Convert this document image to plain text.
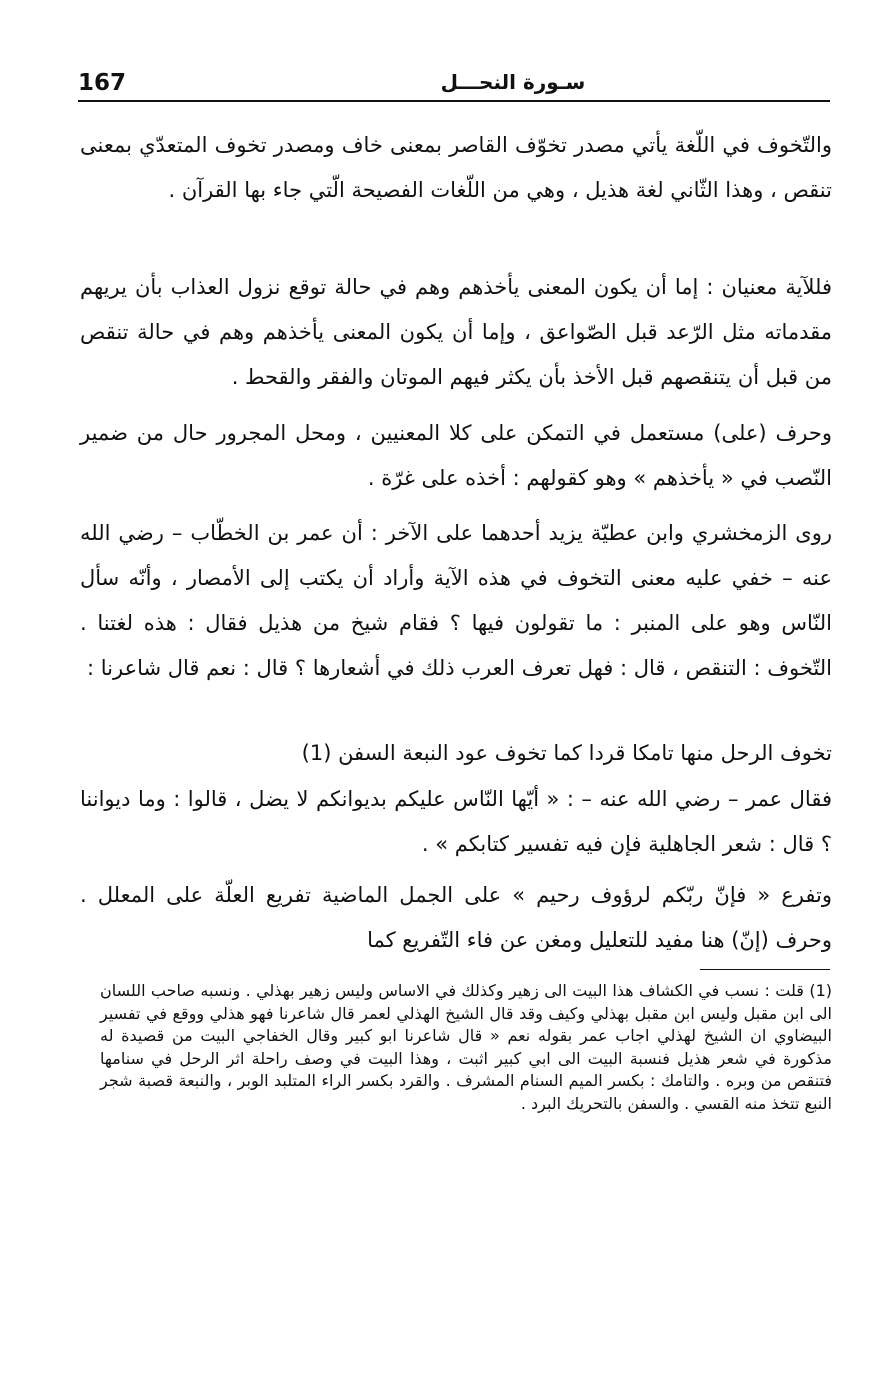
167	سـورة النحـــل

والتّخوف في اللّغة يأتي مصدر تخوّف القاصر بمعنى خاف ومصدر تخوف المتعدّي بمعنى تنقص ، وهذا الثّاني لغة هذيل ، وهي من اللّغات الفصيحة الّتي جاء بها القرآن .

فللآية معنيان : إما أن يكون المعنى يأخذهم وهم في حالة توقع نزول العذاب بأن يريهم مقدماته مثل الرّعد قبل الصّواعق ، وإما أن يكون المعنى يأخذهم وهم في حالة تنقص من قبل أن يتنقصهم قبل الأخذ بأن يكثر فيهم الموتان والفقر والقحط .

وحرف (على) مستعمل في التمكن على كلا المعنيين ، ومحل المجرور حال من ضمير النّصب في « يأخذهم » وهو كقولهم : أخذه على غرّة .

روى الزمخشري وابن عطيّة يزيد أحدهما على الآخر : أن عمر بن الخطّاب – رضي الله عنه – خفي عليه معنى التخوف في هذه الآية وأراد أن يكتب إلى الأمصار ، وأنّه سأل النّاس وهو على المنبر : ما تقولون فيها ؟ فقام شيخ من هذيل فقال : هذه لغتنا . التّخوف : التنقص ، قال : فهل تعرف العرب ذلك في أشعارها ؟ قال : نعم قال شاعرنا :

تخوف الرحل منها تامكا قردا كما تخوف عود النبعة السفن (1)

فقال عمر – رضي الله عنه – : « أيّها النّاس عليكم بديوانكم لا يضل ، قالوا : وما ديواننا ؟ قال : شعر الجاهلية فإن فيه تفسير كتابكم » .

وتفرع « فإنّ ربّكم لرؤوف رحيم » على الجمل الماضية تفريع العلّة على المعلل . وحرف (إنّ) هنا مفيد للتعليل ومغن عن فاء التّفريع كما

(1) قلت : نسب في الكشاف هذا البيت الى زهير وكذلك في الاساس وليس زهير بهذلي . ونسبه صاحب اللسان الى ابن مقبل وليس ابن مقبل بهذلي وكيف وقد قال الشيخ الهذلي لعمر قال شاعرنا فهو هذلي ووقع في تفسير البيضاوي ان الشيخ لهذلي اجاب عمر بقوله نعم « قال شاعرنا ابو كبير وقال الخفاجي البيت من قصيدة له مذكورة في شعر هذيل فنسبة البيت الى ابي كبير اثبت ، وهذا البيت في وصف راحلة اثر الرحل في سنامها فتنقص من وبره . والتامك : بكسر الميم السنام المشرف . والقرد بكسر الراء المتلبد الوبر ، والنبعة قصبة شجر النبع تتخذ منه القسي . والسفن بالتحريك البرد .
